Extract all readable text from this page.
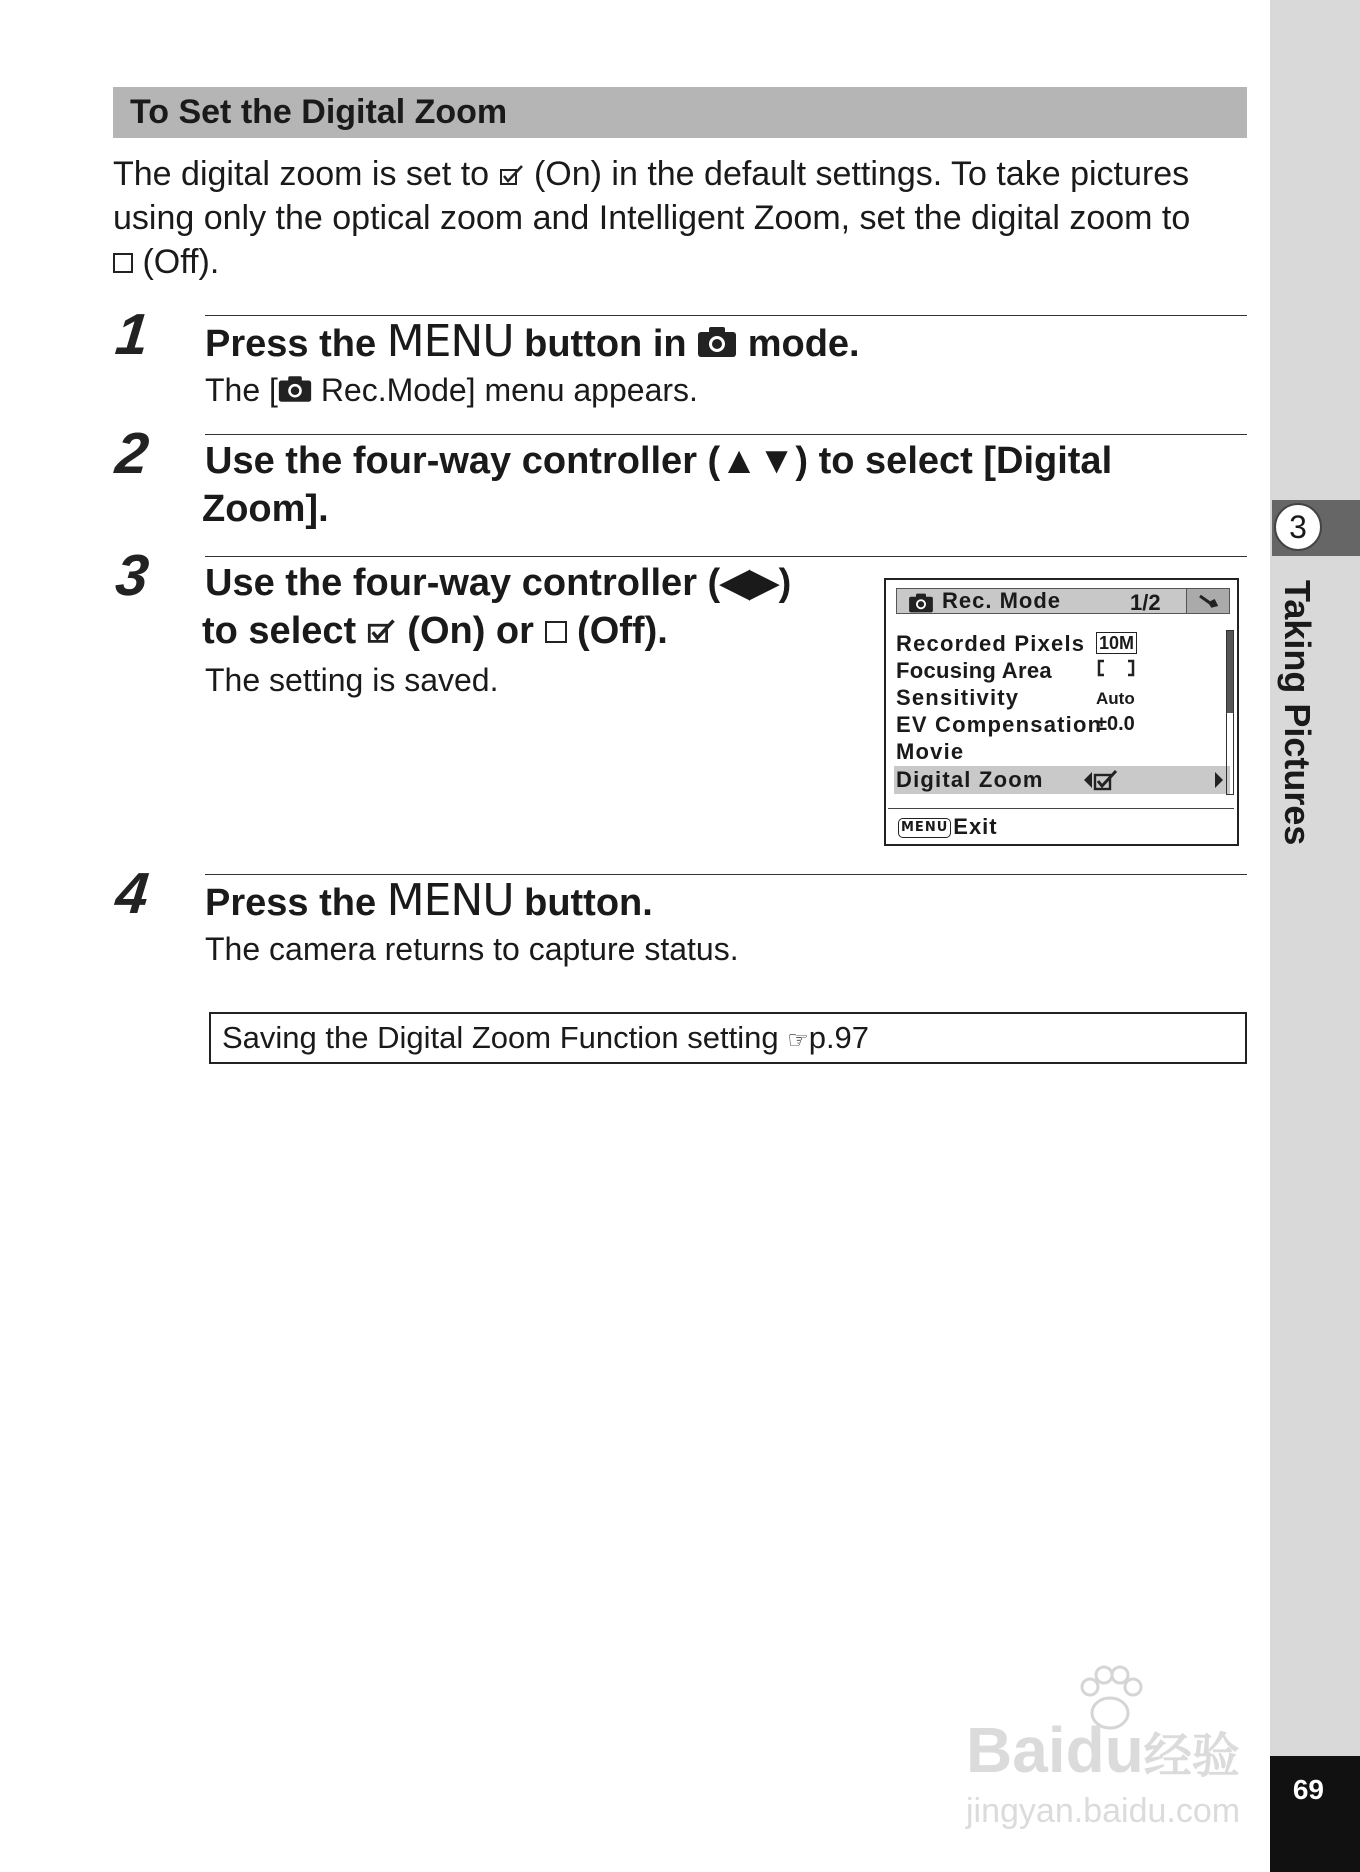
To Set the Digital Zoom
The digital zoom is set to  (On) in the default settings. To take pictures
using only the optical zoom and Intelligent Zoom, set the digital zoom to
(Off).
1 Press the MENU button in  mode.
The [ Rec.Mode] menu appears.
2 Use the four-way controller (▲▼) to select [Digital
Zoom].
3 Use the four-way controller (◀▶)
to select  (On) or  (Off).
The setting is saved.
Rec. Mode	1/2
Recorded Pixels 10M
Focusing Area
Sensitivity	Auto
EV Compensation
±0.0
Movie
Digital Zoom
MENU Exit
4 Press the MENU button.
The camera returns to capture status.
Saving the Digital Zoom Function setting ☞p.97
3
Taking Pictures
Baidu经验
jingyan.baidu.com
69
